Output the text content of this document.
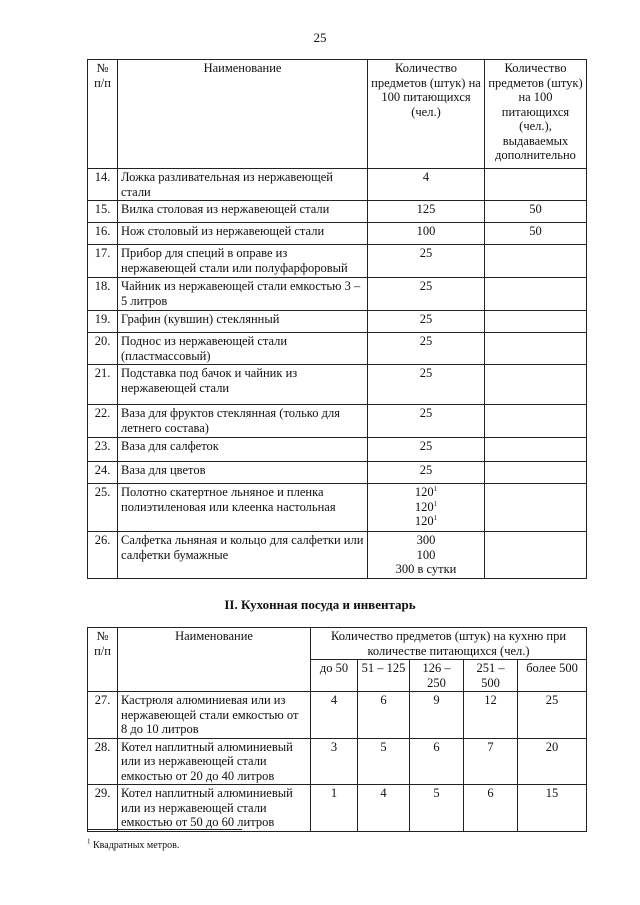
25
№ п/п	Наименование	Количество предметов (штук) на 100 питающихся (чел.)	Количество предметов (штук) на 100 питающихся (чел.), выдаваемых дополнительно
14.	Ложка разливательная из нержавеющей стали	4	

15.	Вилка столовая из нержавеющей стали	125	50
16.	Нож столовый из нержавеющей стали	100	50
17.	Прибор для специй в оправе из нержавеющей стали или полуфарфоровый	25	

18.	Чайник из нержавеющей стали емкостью 3 – 5 литров	25	

19.	Графин (кувшин) стеклянный	25	

20.	Поднос из нержавеющей стали (пластмассовый)	25	

21.	Подставка под бачок и чайник из нержавеющей стали	25	

22.	Ваза для фруктов стеклянная (только для летнего состава)	25	

23.	Ваза для салфеток	25	

24.	Ваза для цветов	25	

25.	Полотно скатертное льняное и пленка полиэтиленовая или клеенка настольная	$120^1$
$120^1$
$120^1$

26.	Салфетка льняная и кольцо для салфетки или салфетки бумажные	300
100
300 в сутки	

II. Кухонная посуда и инвентарь
№ п/п	Наименование	Количество предметов (штук) на кухню при количестве питающихся (чел.)				
		до 50	51 – 125	126 – 250	251 – 500	более 500
27.	Кастрюля алюминиевая или из нержавеющей стали емкостью от 8 до 10 литров	4	6	9	12	25
28.	Котел наплитный алюминиевый или из нержавеющей стали емкостью от 20 до 40 литров	3	5	6	7	20
29.	Котел наплитный алюминиевый или из нержавеющей стали емкостью от 50 до 60 литров	1	4	5	6	15
$^1$ Квадратных метров.
